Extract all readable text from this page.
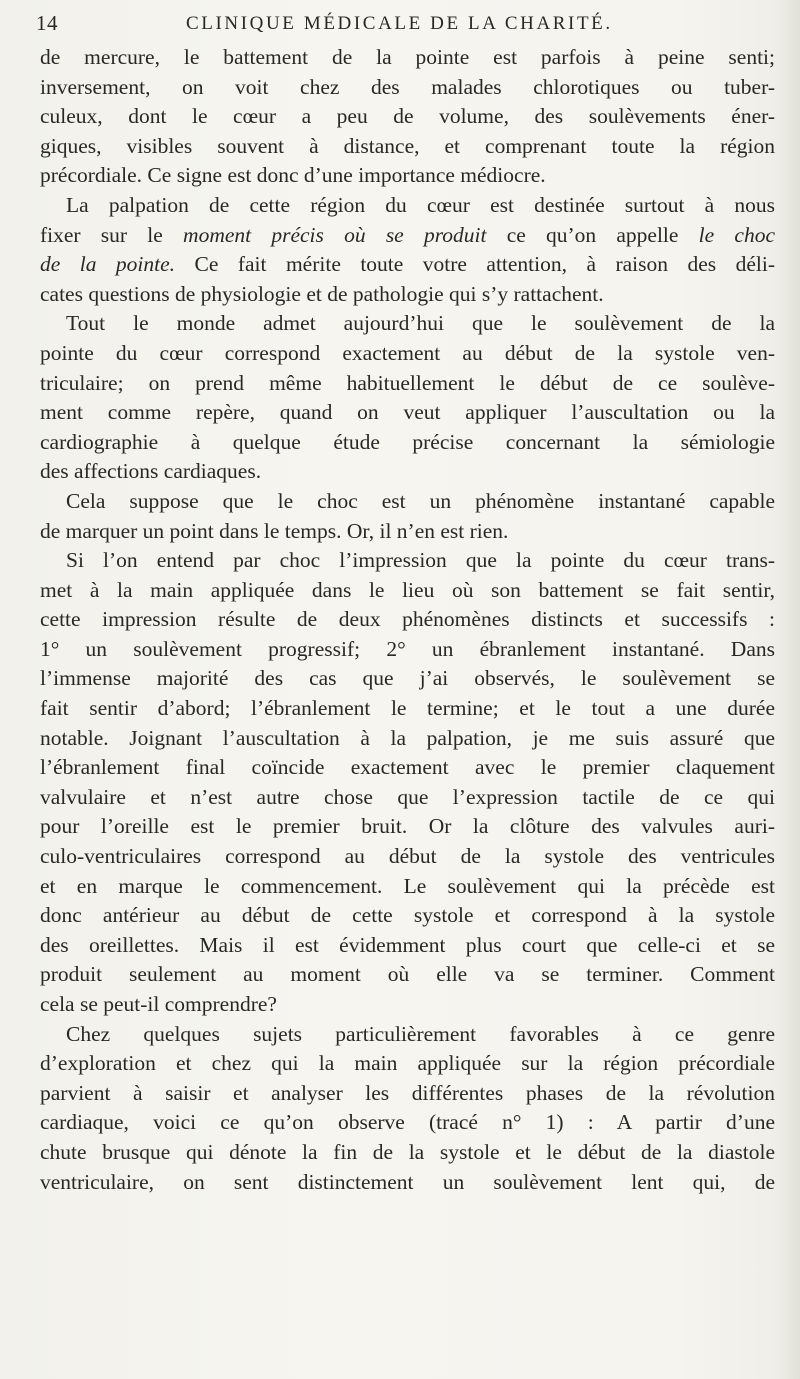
14	CLINIQUE MÉDICALE DE LA CHARITÉ.
de mercure, le battement de la pointe est parfois à peine senti;
inversement, on voit chez des malades chlorotiques ou tuber-
culeux, dont le cœur a peu de volume, des soulèvements éner-
giques, visibles souvent à distance, et comprenant toute la région
précordiale. Ce signe est donc d’une importance médiocre.
La palpation de cette région du cœur est destinée surtout à nous
fixer sur le moment précis où se produit ce qu’on appelle le choc
de la pointe. Ce fait mérite toute votre attention, à raison des déli-
cates questions de physiologie et de pathologie qui s’y rattachent.
Tout le monde admet aujourd’hui que le soulèvement de la
pointe du cœur correspond exactement au début de la systole ven-
triculaire; on prend même habituellement le début de ce soulève-
ment comme repère, quand on veut appliquer l’auscultation ou la
cardiographie à quelque étude précise concernant la sémiologie
des affections cardiaques.
Cela suppose que le choc est un phénomène instantané capable
de marquer un point dans le temps. Or, il n’en est rien.
Si l’on entend par choc l’impression que la pointe du cœur trans-
met à la main appliquée dans le lieu où son battement se fait sentir,
cette impression résulte de deux phénomènes distincts et successifs :
1° un soulèvement progressif; 2° un ébranlement instantané. Dans
l’immense majorité des cas que j’ai observés, le soulèvement se
fait sentir d’abord; l’ébranlement le termine; et le tout a une durée
notable. Joignant l’auscultation à la palpation, je me suis assuré que
l’ébranlement final coïncide exactement avec le premier claquement
valvulaire et n’est autre chose que l’expression tactile de ce qui
pour l’oreille est le premier bruit. Or la clôture des valvules auri-
culo-ventriculaires correspond au début de la systole des ventricules
et en marque le commencement. Le soulèvement qui la précède est
donc antérieur au début de cette systole et correspond à la systole
des oreillettes. Mais il est évidemment plus court que celle-ci et se
produit seulement au moment où elle va se terminer. Comment
cela se peut-il comprendre?
Chez quelques sujets particulièrement favorables à ce genre
d’exploration et chez qui la main appliquée sur la région précordiale
parvient à saisir et analyser les différentes phases de la révolution
cardiaque, voici ce qu’on observe (tracé n° 1) : A partir d’une
chute brusque qui dénote la fin de la systole et le début de la diastole
ventriculaire, on sent distinctement un soulèvement lent qui, de
